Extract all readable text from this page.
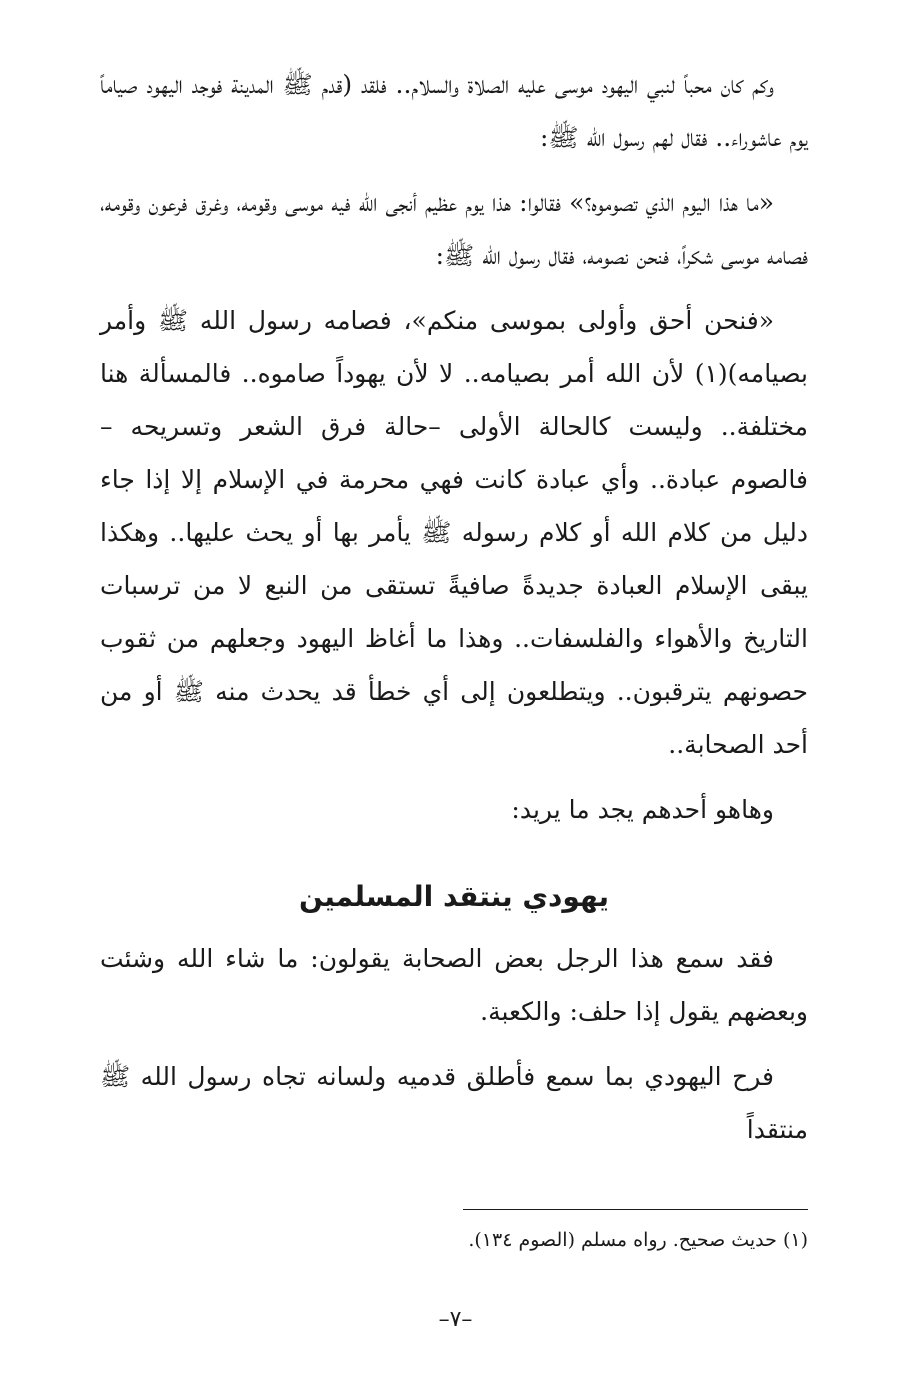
وكم كان محباً لنبي اليهود موسى عليه الصلاة والسلام.. فلقد (قدم ﷺ المدينة فوجد اليهود صياماً يوم عاشوراء.. فقال لهم رسول الله ﷺ:

«ما هذا اليوم الذي تصوموه؟» فقالوا: هذا يوم عظيم أنجى الله فيه موسى وقومه، وغرق فرعون وقومه، فصامه موسى شكراً، فنحن نصومه، فقال رسول الله ﷺ:

«فنحن أحق وأولى بموسى منكم»، فصامه رسول الله ﷺ وأمر بصيامه)(١) لأن الله أمر بصيامه.. لا لأن يهوداً صاموه.. فالمسألة هنا مختلفة.. وليست كالحالة الأولى –حالة فرق الشعر وتسريحه – فالصوم عبادة.. وأي عبادة كانت فهي محرمة في الإسلام إلا إذا جاء دليل من كلام الله أو كلام رسوله ﷺ يأمر بها أو يحث عليها.. وهكذا يبقى الإسلام العبادة جديدةً صافيةً تستقى من النبع لا من ترسبات التاريخ والأهواء والفلسفات.. وهذا ما أغاظ اليهود وجعلهم من ثقوب حصونهم يترقبون.. ويتطلعون إلى أي خطأ قد يحدث منه ﷺ أو من أحد الصحابة..

وهاهو أحدهم يجد ما يريد:

يهودي ينتقد المسلمين

فقد سمع هذا الرجل بعض الصحابة يقولون: ما شاء الله وشئت وبعضهم يقول إذا حلف: والكعبة.

فرح اليهودي بما سمع فأطلق قدميه ولسانه تجاه رسول الله ﷺ منتقداً

(١) حديث صحيح. رواه مسلم (الصوم ١٣٤).
–٧–
